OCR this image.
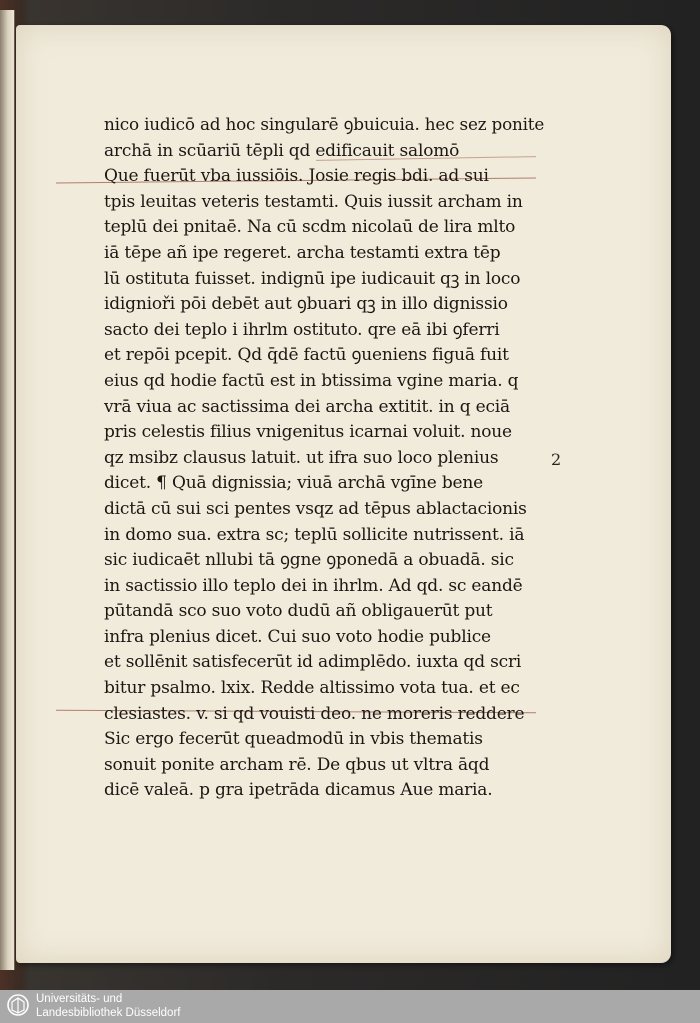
nico iudicō ad hoc singularē ꝯbuicuia. hec sez ponite
archā in scūariū tēpli qd edificauit salomō
Que fuerūt vba iussiōis. Josie regis bdi. ad sui
tpis leuitas veteris testamti. Quis iussit archam in
teplū dei pnitaē. Na cū scdm nicolaū de lira mlto
iā tēpe añ ipe regeret. archa testamti extra tēp
lū ostituta fuisset. indignū ipe iudicauit qꝫ in loco
idignioři pōi debēt aut ꝯbuari qꝫ in illo dignissio
sacto dei teplo i ihrlm ostituto. qre eā ibi ꝯferri
et repōi pcepit. Qd q̄dē factū ꝯueniens figuā fuit
eius qd hodie factū est in btissima vgine maria. q
vrā viua ac sactissima dei archa extitit. in q eciā
pris celestis filius vnigenitus icarnai voluit. noue
qz msibz clausus latuit. ut ifra suo loco plenius
dicet. ¶ Quā dignissia; viuā archā vgīne bene
dictā cū sui sci pentes vsqz ad tēpus ablactacionis
in domo sua. extra sc; teplū sollicite nutrissent. iā
sic iudicaēt nllubi tā ꝯgne ꝯponedā a obuadā. sic
in sactissio illo teplo dei in ihrlm. Ad qd. sc eandē
pūtandā sco suo voto dudū añ obligauerūt put
infra plenius dicet. Cui suo voto hodie publice
et sollēnit satisfecerūt id adimplēdo. iuxta qd scri
bitur psalmo. lxix. Redde altissimo vota tua. et ec
clesiastes. v. si qd vouisti deo. ne moreris reddere
Sic ergo fecerūt queadmodū in vbis thematis
sonuit ponite archam rē. De qbus ut vltra āqd
dicē valeā. p gra ipetrāda dicamus Aue maria.
2
Universitäts- und
Landesbibliothek Düsseldorf
